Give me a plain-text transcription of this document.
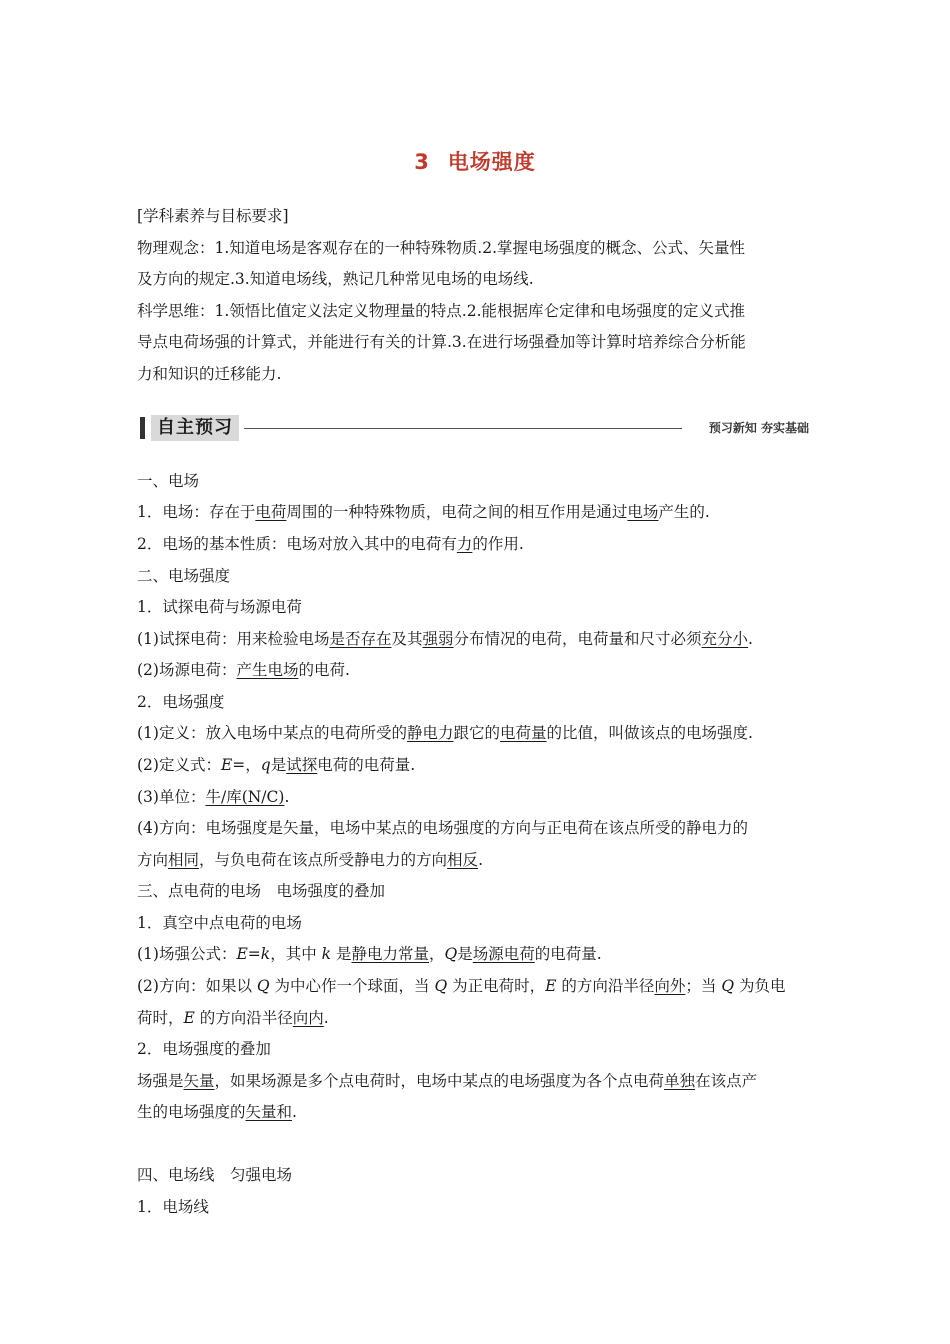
3 电场强度
[学科素养与目标要求]
物理观念：1.知道电场是客观存在的一种特殊物质.2.掌握电场强度的概念、公式、矢量性
及方向的规定.3.知道电场线，熟记几种常见电场的电场线.
科学思维：1.领悟比值定义法定义物理量的特点.2.能根据库仑定律和电场强度的定义式推
导点电荷场强的计算式，并能进行有关的计算.3.在进行场强叠加等计算时培养综合分析能
力和知识的迁移能力.
自主预习	预习新知 夯实基础
一、电场
1．电场：存在于电荷周围的一种特殊物质，电荷之间的相互作用是通过电场产生的.
2．电场的基本性质：电场对放入其中的电荷有力的作用.
二、电场强度
1．试探电荷与场源电荷
(1)试探电荷：用来检验电场是否存在及其强弱分布情况的电荷，电荷量和尺寸必须充分小.
(2)场源电荷：产生电场的电荷.
2．电场强度
(1)定义：放入电场中某点的电荷所受的静电力跟它的电荷量的比值，叫做该点的电场强度.
(2)定义式：E=，q是试探电荷的电荷量.
(3)单位：牛/库(N/C).
(4)方向：电场强度是矢量，电场中某点的电场强度的方向与正电荷在该点所受的静电力的
方向相同，与负电荷在该点所受静电力的方向相反.
三、点电荷的电场　电场强度的叠加
1．真空中点电荷的电场
(1)场强公式：E=k，其中 k 是静电力常量，Q是场源电荷的电荷量.
(2)方向：如果以 Q 为中心作一个球面，当 Q 为正电荷时，E 的方向沿半径向外；当 Q 为负电
荷时，E 的方向沿半径向内.
2．电场强度的叠加
场强是矢量，如果场源是多个点电荷时，电场中某点的电场强度为各个点电荷单独在该点产
生的电场强度的矢量和.
四、电场线　匀强电场
1．电场线
